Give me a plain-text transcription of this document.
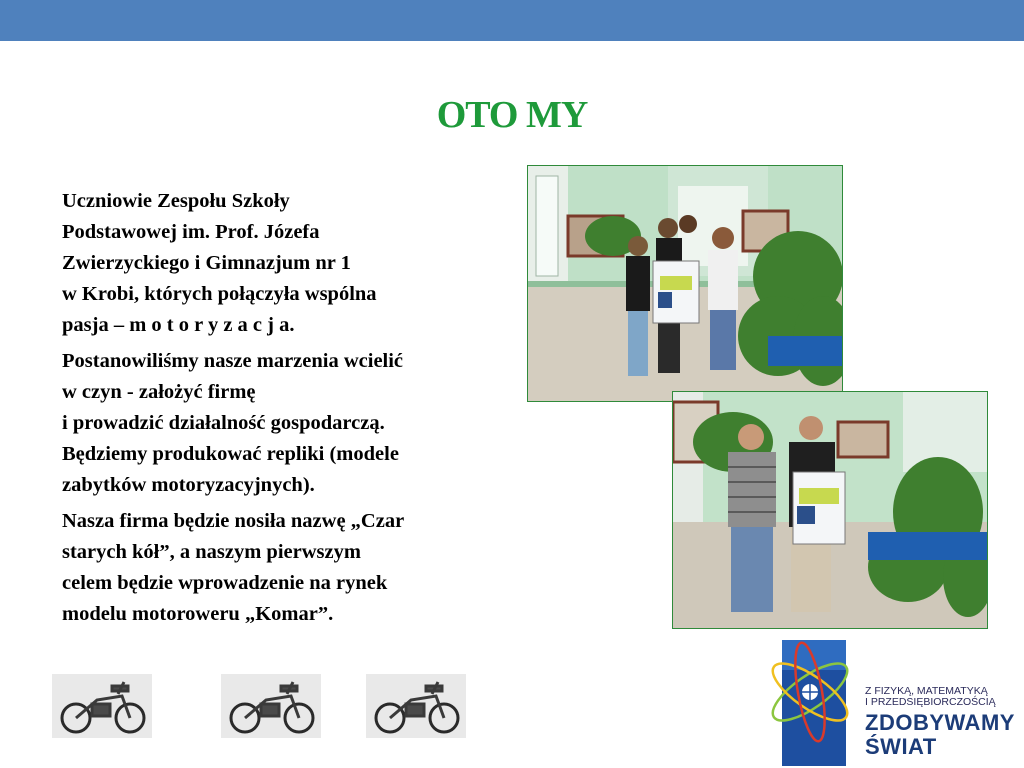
OTO MY

Uczniowie Zespołu Szkoły
Podstawowej im. Prof. Józefa
Zwierzyckiego i Gimnazjum nr 1
w Krobi, których połączyła wspólna
pasja – m o t o r y z a c j a.

Postanowiliśmy nasze marzenia wcielić
w czyn - założyć firmę
i prowadzić działalność gospodarczą.
Będziemy produkować repliki (modele
zabytków motoryzacyjnych).

Nasza firma będzie nosiła nazwę „Czar
starych kół”, a naszym pierwszym
celem będzie wprowadzenie na rynek
modelu motoroweru „Komar”.

Z FIZYKĄ, MATEMATYKĄ
I PRZEDSIĘBIORCZOŚCIĄ
ZDOBYWAMY
ŚWIAT
